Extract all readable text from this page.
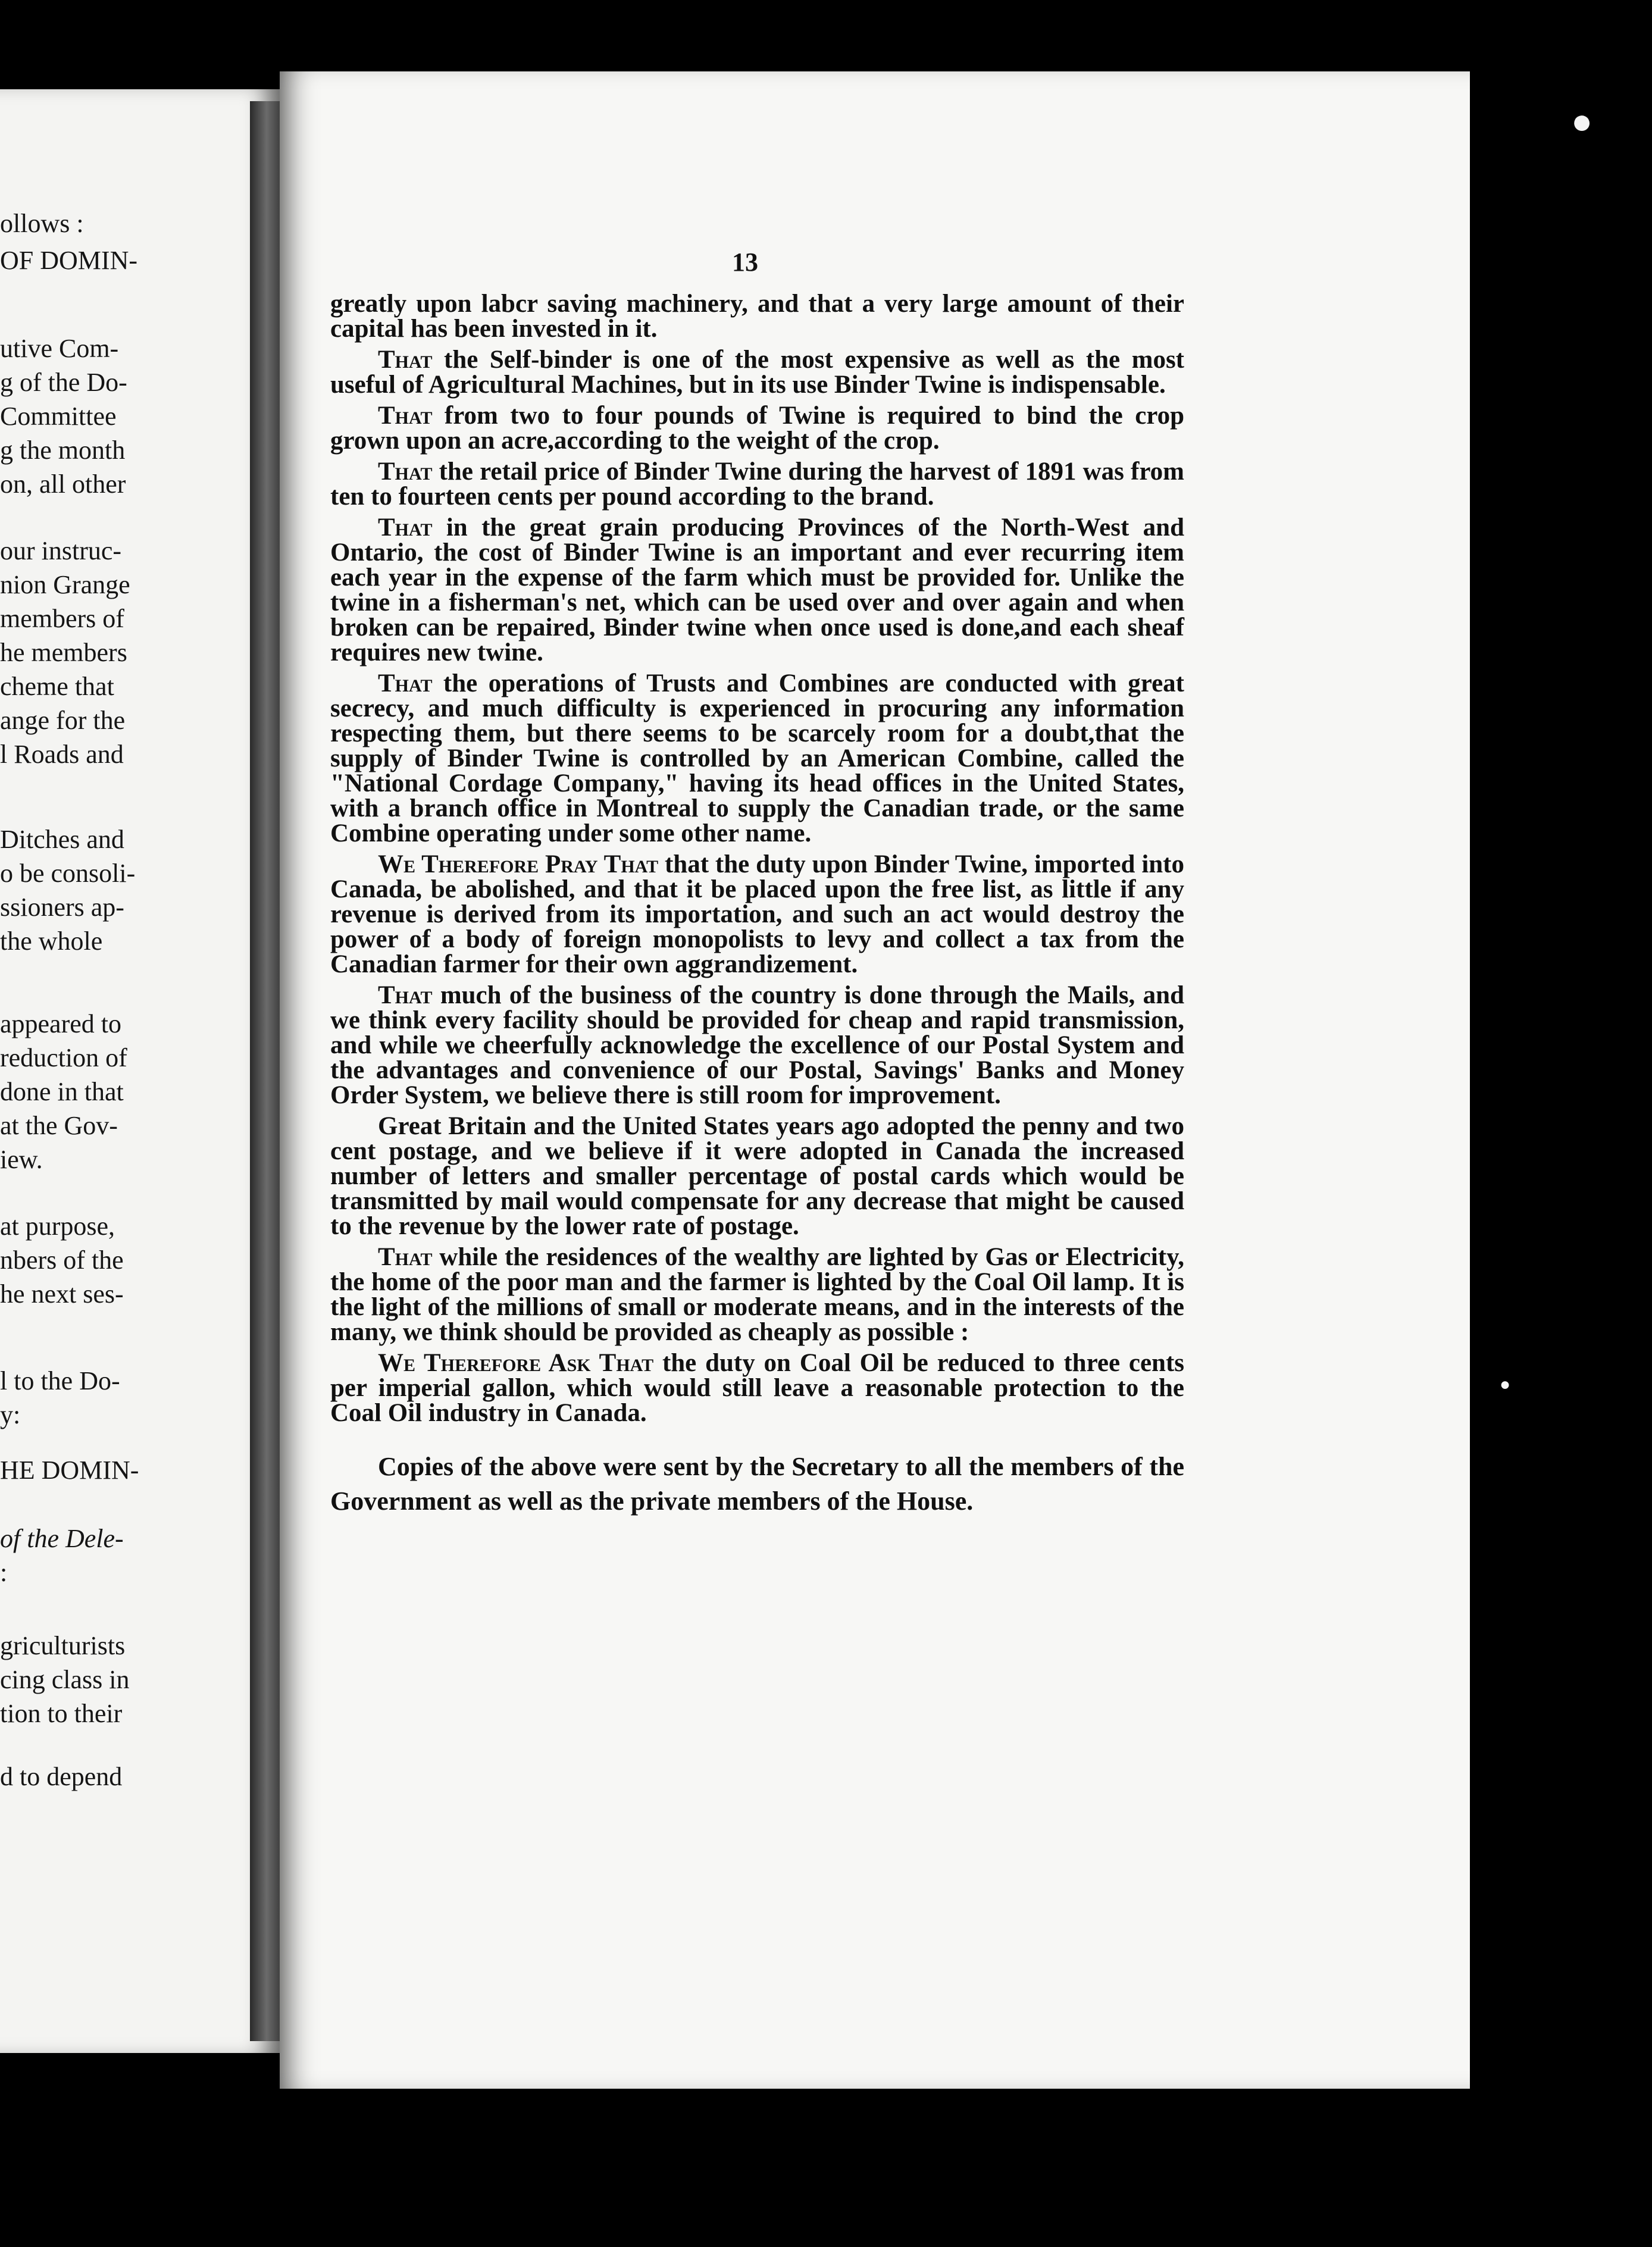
ollows :
OF DOMIN-
utive Com-
g of the Do-
Committee
g the month
on, all other
our instruc-
nion Grange
members of
he members
cheme that
ange for the
l Roads and
Ditches and
o be consoli-
ssioners ap-
the whole
appeared to
reduction of
done in that
at the Gov-
iew.
at purpose,
nbers of the
he next ses-
l to the Do-
y:
HE DOMIN-
of the Dele-
:
griculturists
cing class in
tion to their
d to depend
13

greatly upon labcr saving machinery, and that a very large amount of their capital has been invested in it.

That the Self-binder is one of the most expensive as well as the most useful of Agricultural Machines, but in its use Binder Twine is indispensable.

That from two to four pounds of Twine is required to bind the crop grown upon an acre,according to the weight of the crop.

That the retail price of Binder Twine during the harvest of 1891 was from ten to fourteen cents per pound according to the brand.

That in the great grain producing Provinces of the North-West and Ontario, the cost of Binder Twine is an important and ever recurring item each year in the expense of the farm which must be provided for. Unlike the twine in a fisherman's net, which can be used over and over again and when broken can be repaired, Binder twine when once used is done,and each sheaf requires new twine.

That the operations of Trusts and Combines are conducted with great secrecy, and much difficulty is experienced in procuring any information respecting them, but there seems to be scarcely room for a doubt,that the supply of Binder Twine is controlled by an American Combine, called the "National Cordage Company," having its head offices in the United States, with a branch office in Montreal to supply the Canadian trade, or the same Combine operating under some other name.

We Therefore Pray That that the duty upon Binder Twine, imported into Canada, be abolished, and that it be placed upon the free list, as little if any revenue is derived from its importation, and such an act would destroy the power of a body of foreign monopolists to levy and collect a tax from the Canadian farmer for their own aggrandizement.

That much of the business of the country is done through the Mails, and we think every facility should be provided for cheap and rapid transmission, and while we cheerfully acknowledge the excellence of our Postal System and the advantages and convenience of our Postal, Savings' Banks and Money Order System, we believe there is still room for improvement.

Great Britain and the United States years ago adopted the penny and two cent postage, and we believe if it were adopted in Canada the increased number of letters and smaller percentage of postal cards which would be transmitted by mail would compensate for any decrease that might be caused to the revenue by the lower rate of postage.

That while the residences of the wealthy are lighted by Gas or Electricity, the home of the poor man and the farmer is lighted by the Coal Oil lamp. It is the light of the millions of small or moderate means, and in the interests of the many, we think should be provided as cheaply as possible :

We Therefore Ask That the duty on Coal Oil be reduced to three cents per imperial gallon, which would still leave a reasonable protection to the Coal Oil industry in Canada.

Copies of the above were sent by the Secretary to all the members of the Government as well as the private members of the House.

●
●
